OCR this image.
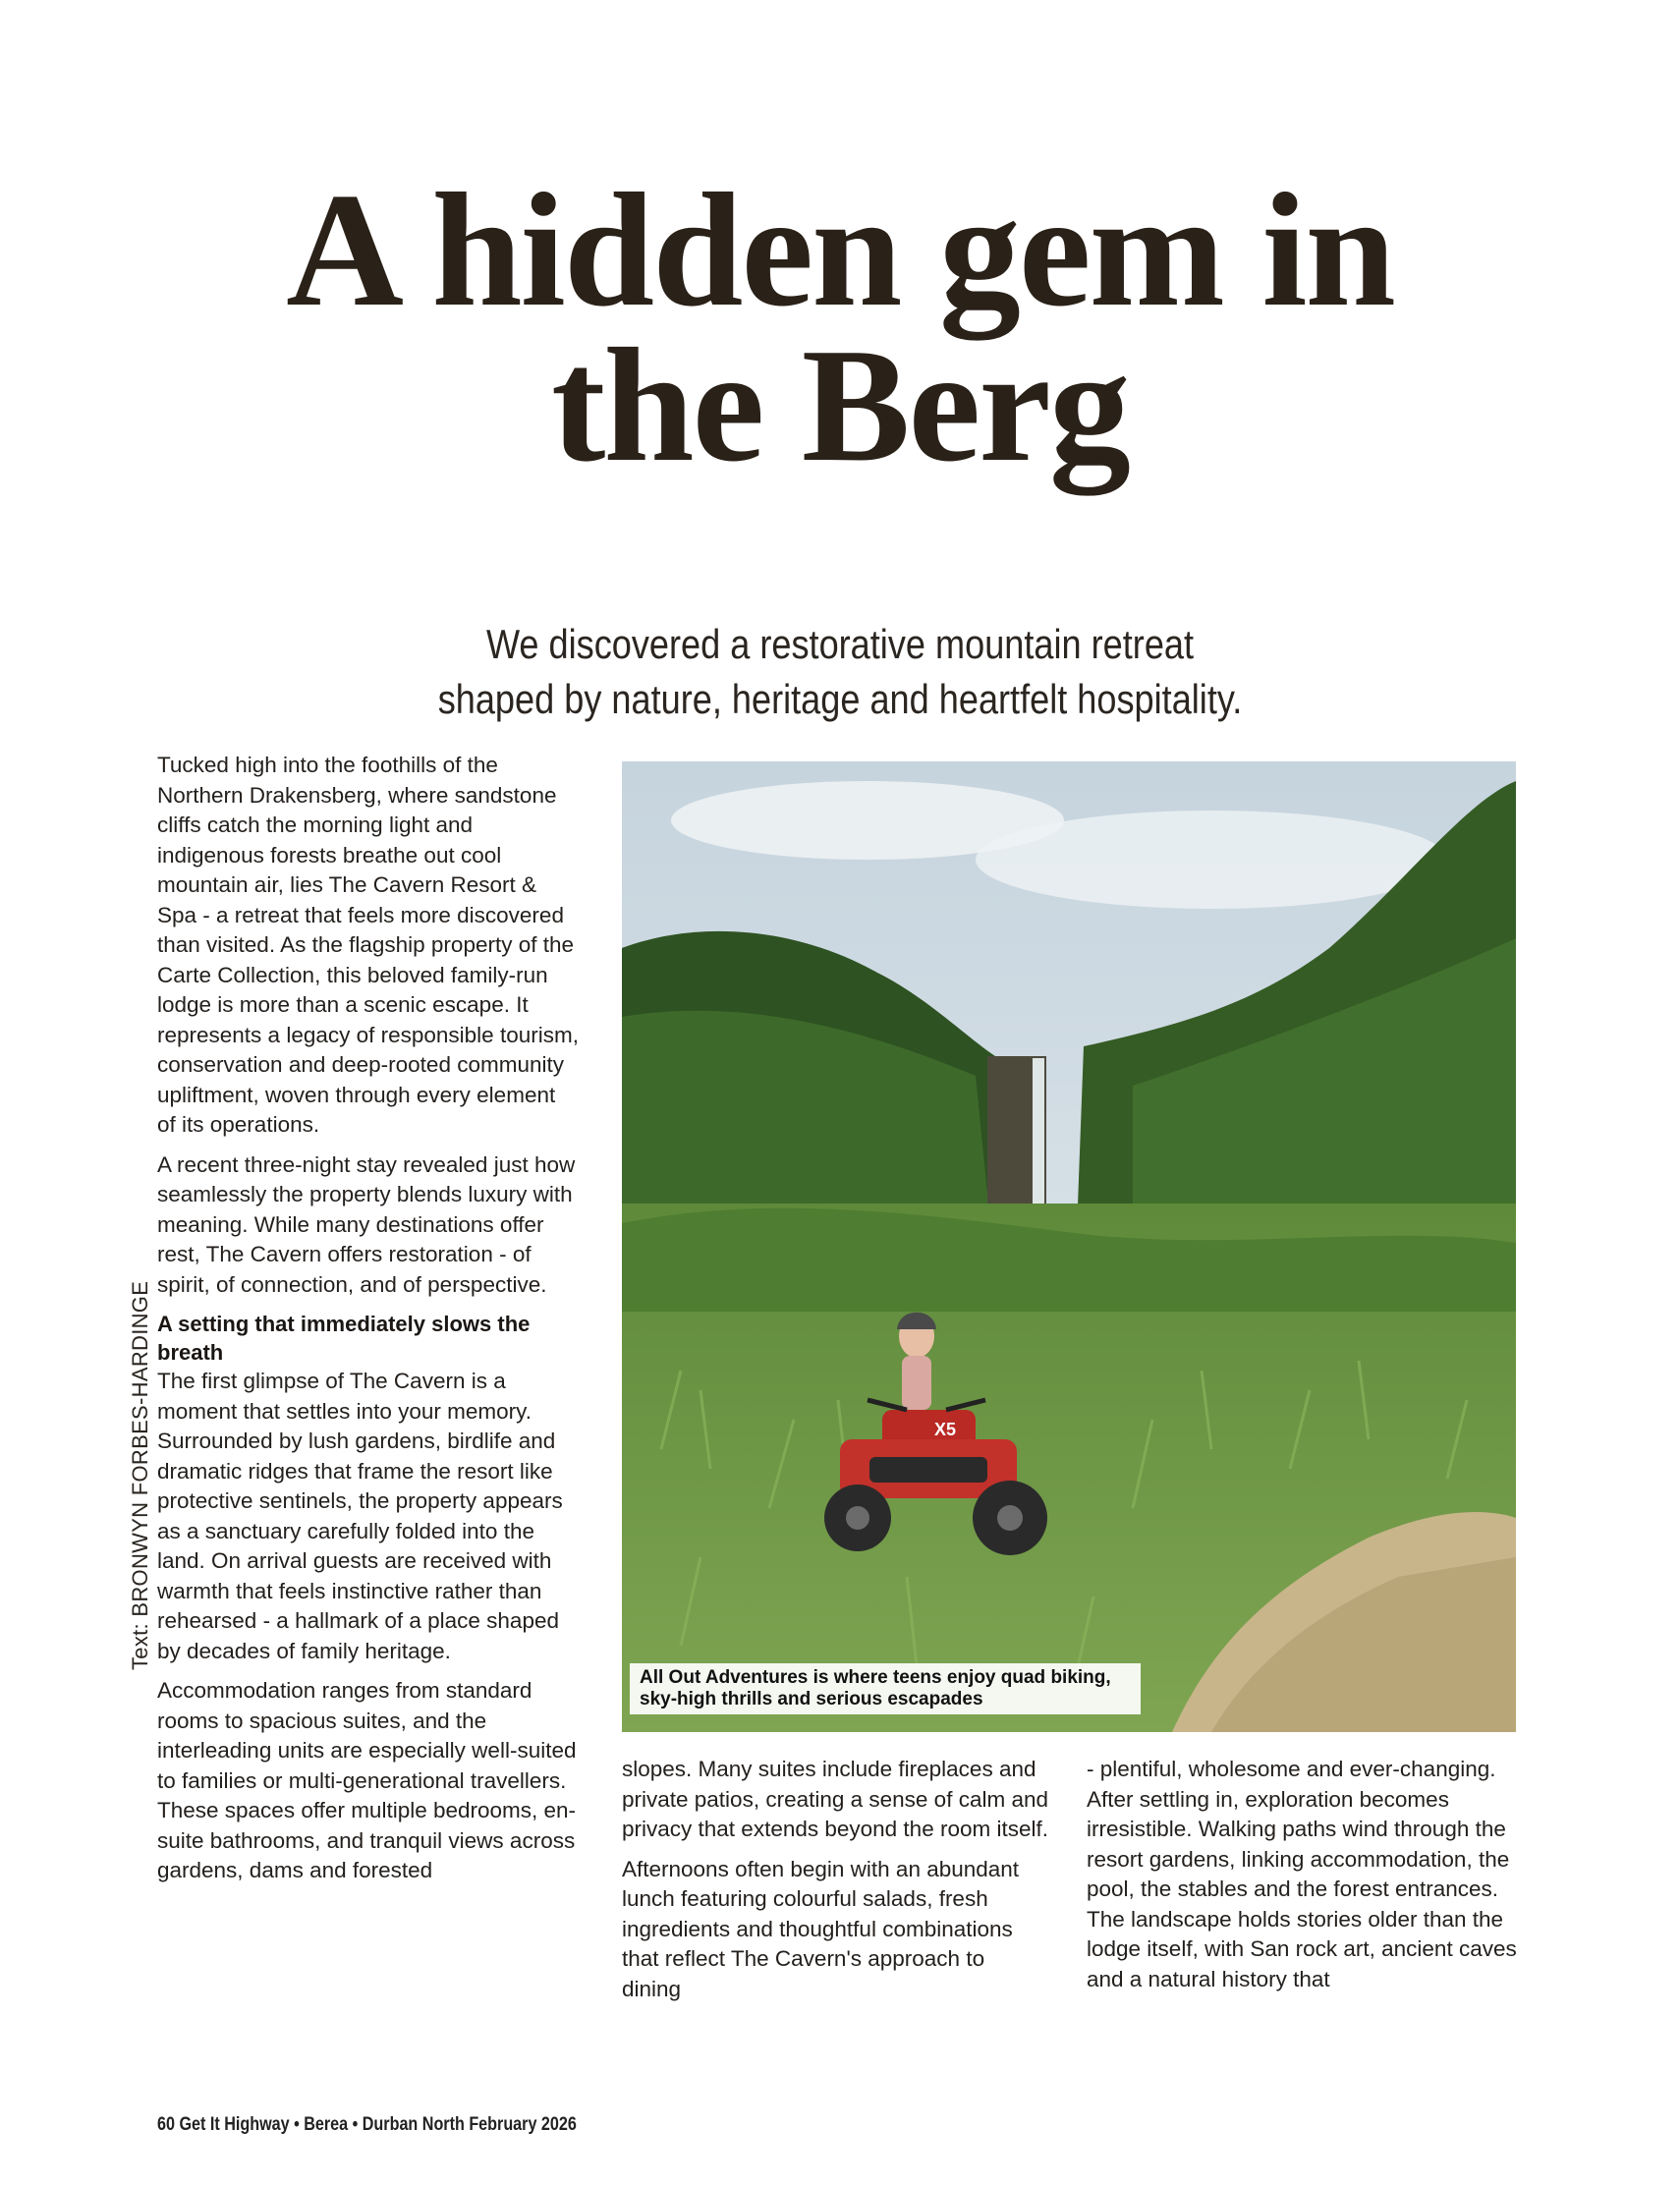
A hidden gem in
the Berg
We discovered a restorative mountain retreat
shaped by nature, heritage and heartfelt hospitality.
Text: BRONWYN FORBES-HARDINGE

Tucked high into the foothills of the Northern Drakensberg, where sandstone cliffs catch the morning light and indigenous forests breathe out cool mountain air, lies The Cavern Resort & Spa - a retreat that feels more discovered than visited. As the flagship property of the Carte Collection, this beloved family-run lodge is more than a scenic escape. It represents a legacy of responsible tourism, conservation and deep-rooted community upliftment, woven through every element of its operations.

A recent three-night stay revealed just how seamlessly the property blends luxury with meaning. While many destinations offer rest, The Cavern offers restoration - of spirit, of connection, and of perspective.

A setting that immediately slows the breath

The first glimpse of The Cavern is a moment that settles into your memory. Surrounded by lush gardens, birdlife and dramatic ridges that frame the resort like protective sentinels, the property appears as a sanctuary carefully folded into the land. On arrival guests are received with warmth that feels instinctive rather than rehearsed - a hallmark of a place shaped by decades of family heritage.

Accommodation ranges from standard rooms to spacious suites, and the interleading units are especially well-suited to families or multi-generational travellers. These spaces offer multiple bedrooms, en-suite bathrooms, and tranquil views across gardens, dams and forested

X5
All Out Adventures is where teens enjoy quad biking, sky-high thrills and serious escapades

slopes. Many suites include fireplaces and private patios, creating a sense of calm and privacy that extends beyond the room itself.

Afternoons often begin with an abundant lunch featuring colourful salads, fresh ingredients and thoughtful combinations that reflect The Cavern's approach to dining

- plentiful, wholesome and ever-changing. After settling in, exploration becomes irresistible. Walking paths wind through the resort gardens, linking accommodation, the pool, the stables and the forest entrances. The landscape holds stories older than the lodge itself, with San rock art, ancient caves and a natural history that

60 Get It Highway • Berea • Durban North February 2026
